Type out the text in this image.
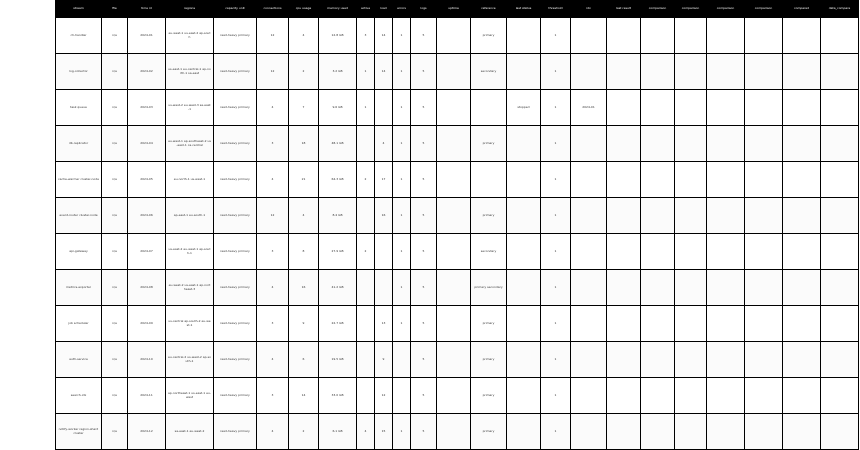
stream	file	time id	regions	capacity unit	connections	cpu usage	memory used	active	load	errors	logs	uptime	reference	last status	threshold	idx	last result	comparison	comparison	comparison	comparison	compared	data_compare

ch-handler	n/a	2024-01	eu-west-1 us-east-2 ap-south	read-heavy primary	12	4	12.8 GB	3	14	1	5		primary		1								

log-collector	n/a	2024-02	us-east-1 eu-central-1 ap-north-1 sa-east	read-heavy primary	12	2	3.2 GB	1	14	1	5		secondary		1								

task queue	n/a	2024-03	us-west-2 eu-west-3 sa-east-1	read-heavy primary	4	7	9.6 GB	1		1	5			stopped	1	2024-01							

db-replicator	n/a	2024-04	eu-west-1 ap-southeast-2 us-east-1 ca-central	read-heavy primary	3	18	48.1 GB		4	1	5		primary		1								

cache-warmer cluster-node	n/a	2024-05	eu-north-1 us-west-1	read-heavy primary	4	21	64.3 GB	2	17	1	5				1								

event-router cluster-node	n/a	2024-06	ap-east-1 eu-south-1	read-heavy primary	12	4	8.4 GB		16	1	5		primary		1								

api-gateway	n/a	2024-07	us-east-2 eu-west-1 ap-south-1	read-heavy primary	3	8	27.9 GB	2		1	5		secondary		1								

metrics-exporter	n/a	2024-08	eu-west-2 us-east-1 ap-northeast-3	read-heavy primary	4	16	41.2 GB			1	5		primary secondary		1								

job scheduler	n/a	2024-09	us-central ap-south-2 eu-west-1	read-heavy primary	3	9	22.7 GB		13	1	5		primary		1								

auth-service	n/a	2024-10	eu-central-2 us-west-2 ap-south-1	read-heavy primary	4	6	19.5 GB		9		5		primary		1								

search-idx	n/a	2024-11	ap-northeast-1 us-east-1 eu-west	read-heavy primary	3	14	33.0 GB		12		5		primary		1								

notify-worker region-shard cluster	n/a	2024-12	sa-east-1 eu-west-2	read-heavy primary	4	2	6.1 GB	4	15	1	5		primary		1								
